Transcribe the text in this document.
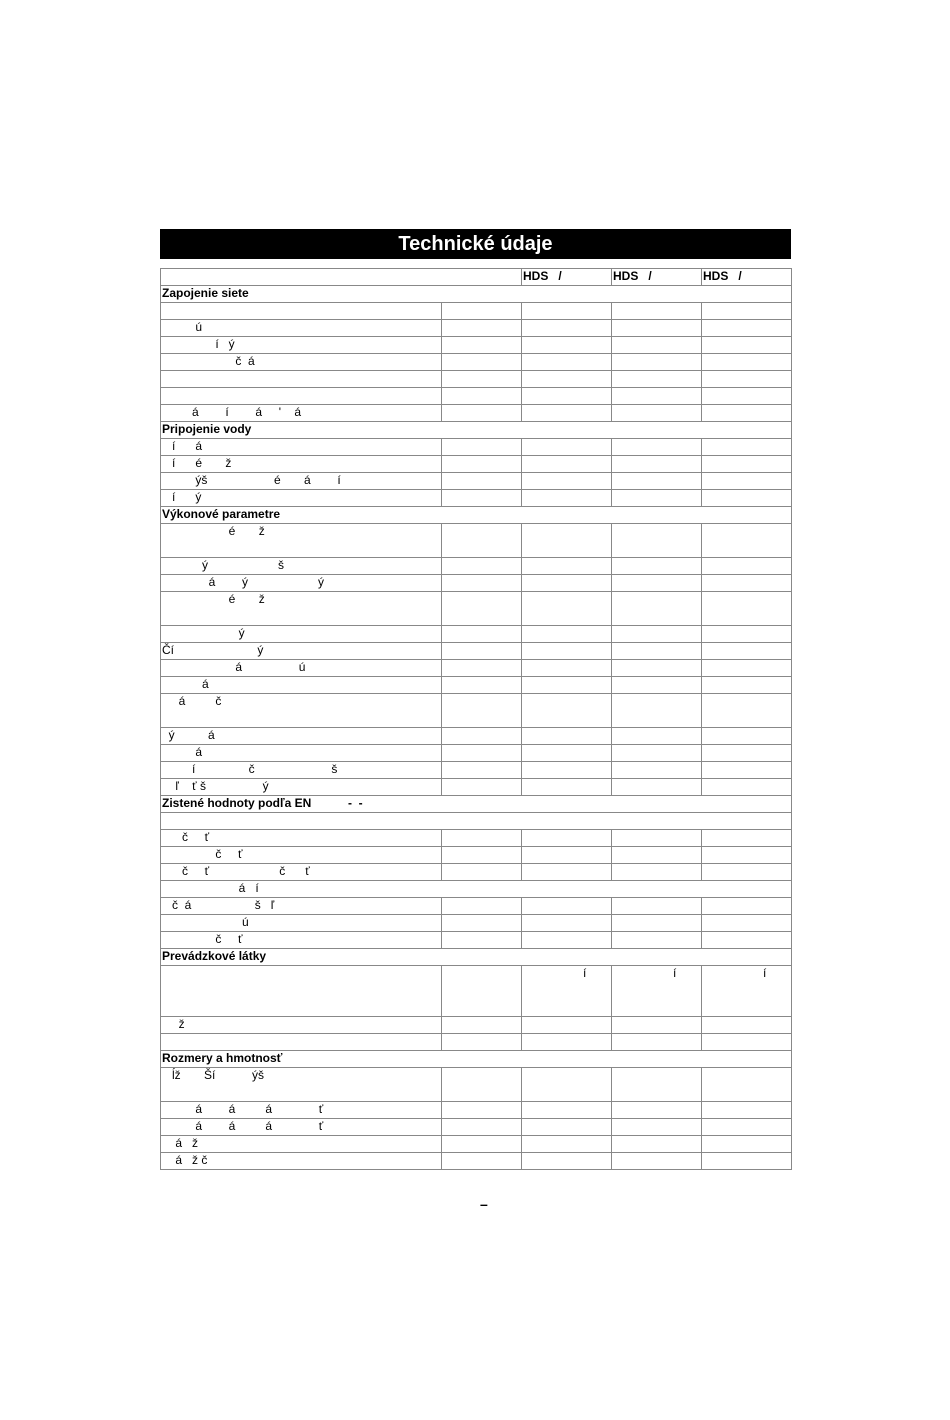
Technické údaje
		HDS   /	HDS   /	HDS   /
Zapojenie siete				

ú				
í   ý				
č  á				

á        í        á     '    á				
Pripojenie vody				
í      á				
í      é       ž				
ýš                    é       á        í				
í      ý				
Výkonové parametre				
é       ž				
ý                     š				
á        ý                     ý				
é       ž				
ý				
Čí                         ý				
á                 ú				
á				
á         č				
ý          á				
á				
í                č                       š				
ľ    ť š                 ý				
Zistené hodnoty podľa EN           -  -				

č     ť				
č     ť				
č     ť                     č      ť				
á   í				
č  á                   š   ľ				
ú				
č     ť				
Prevádzkové látky				
		í	í	í
ž				

Rozmery a hmotnosť				
ĺž       Ší           ýš				
á        á         á              ť				
á        á         á              ť				
á   ž				
á   ž č				
–
